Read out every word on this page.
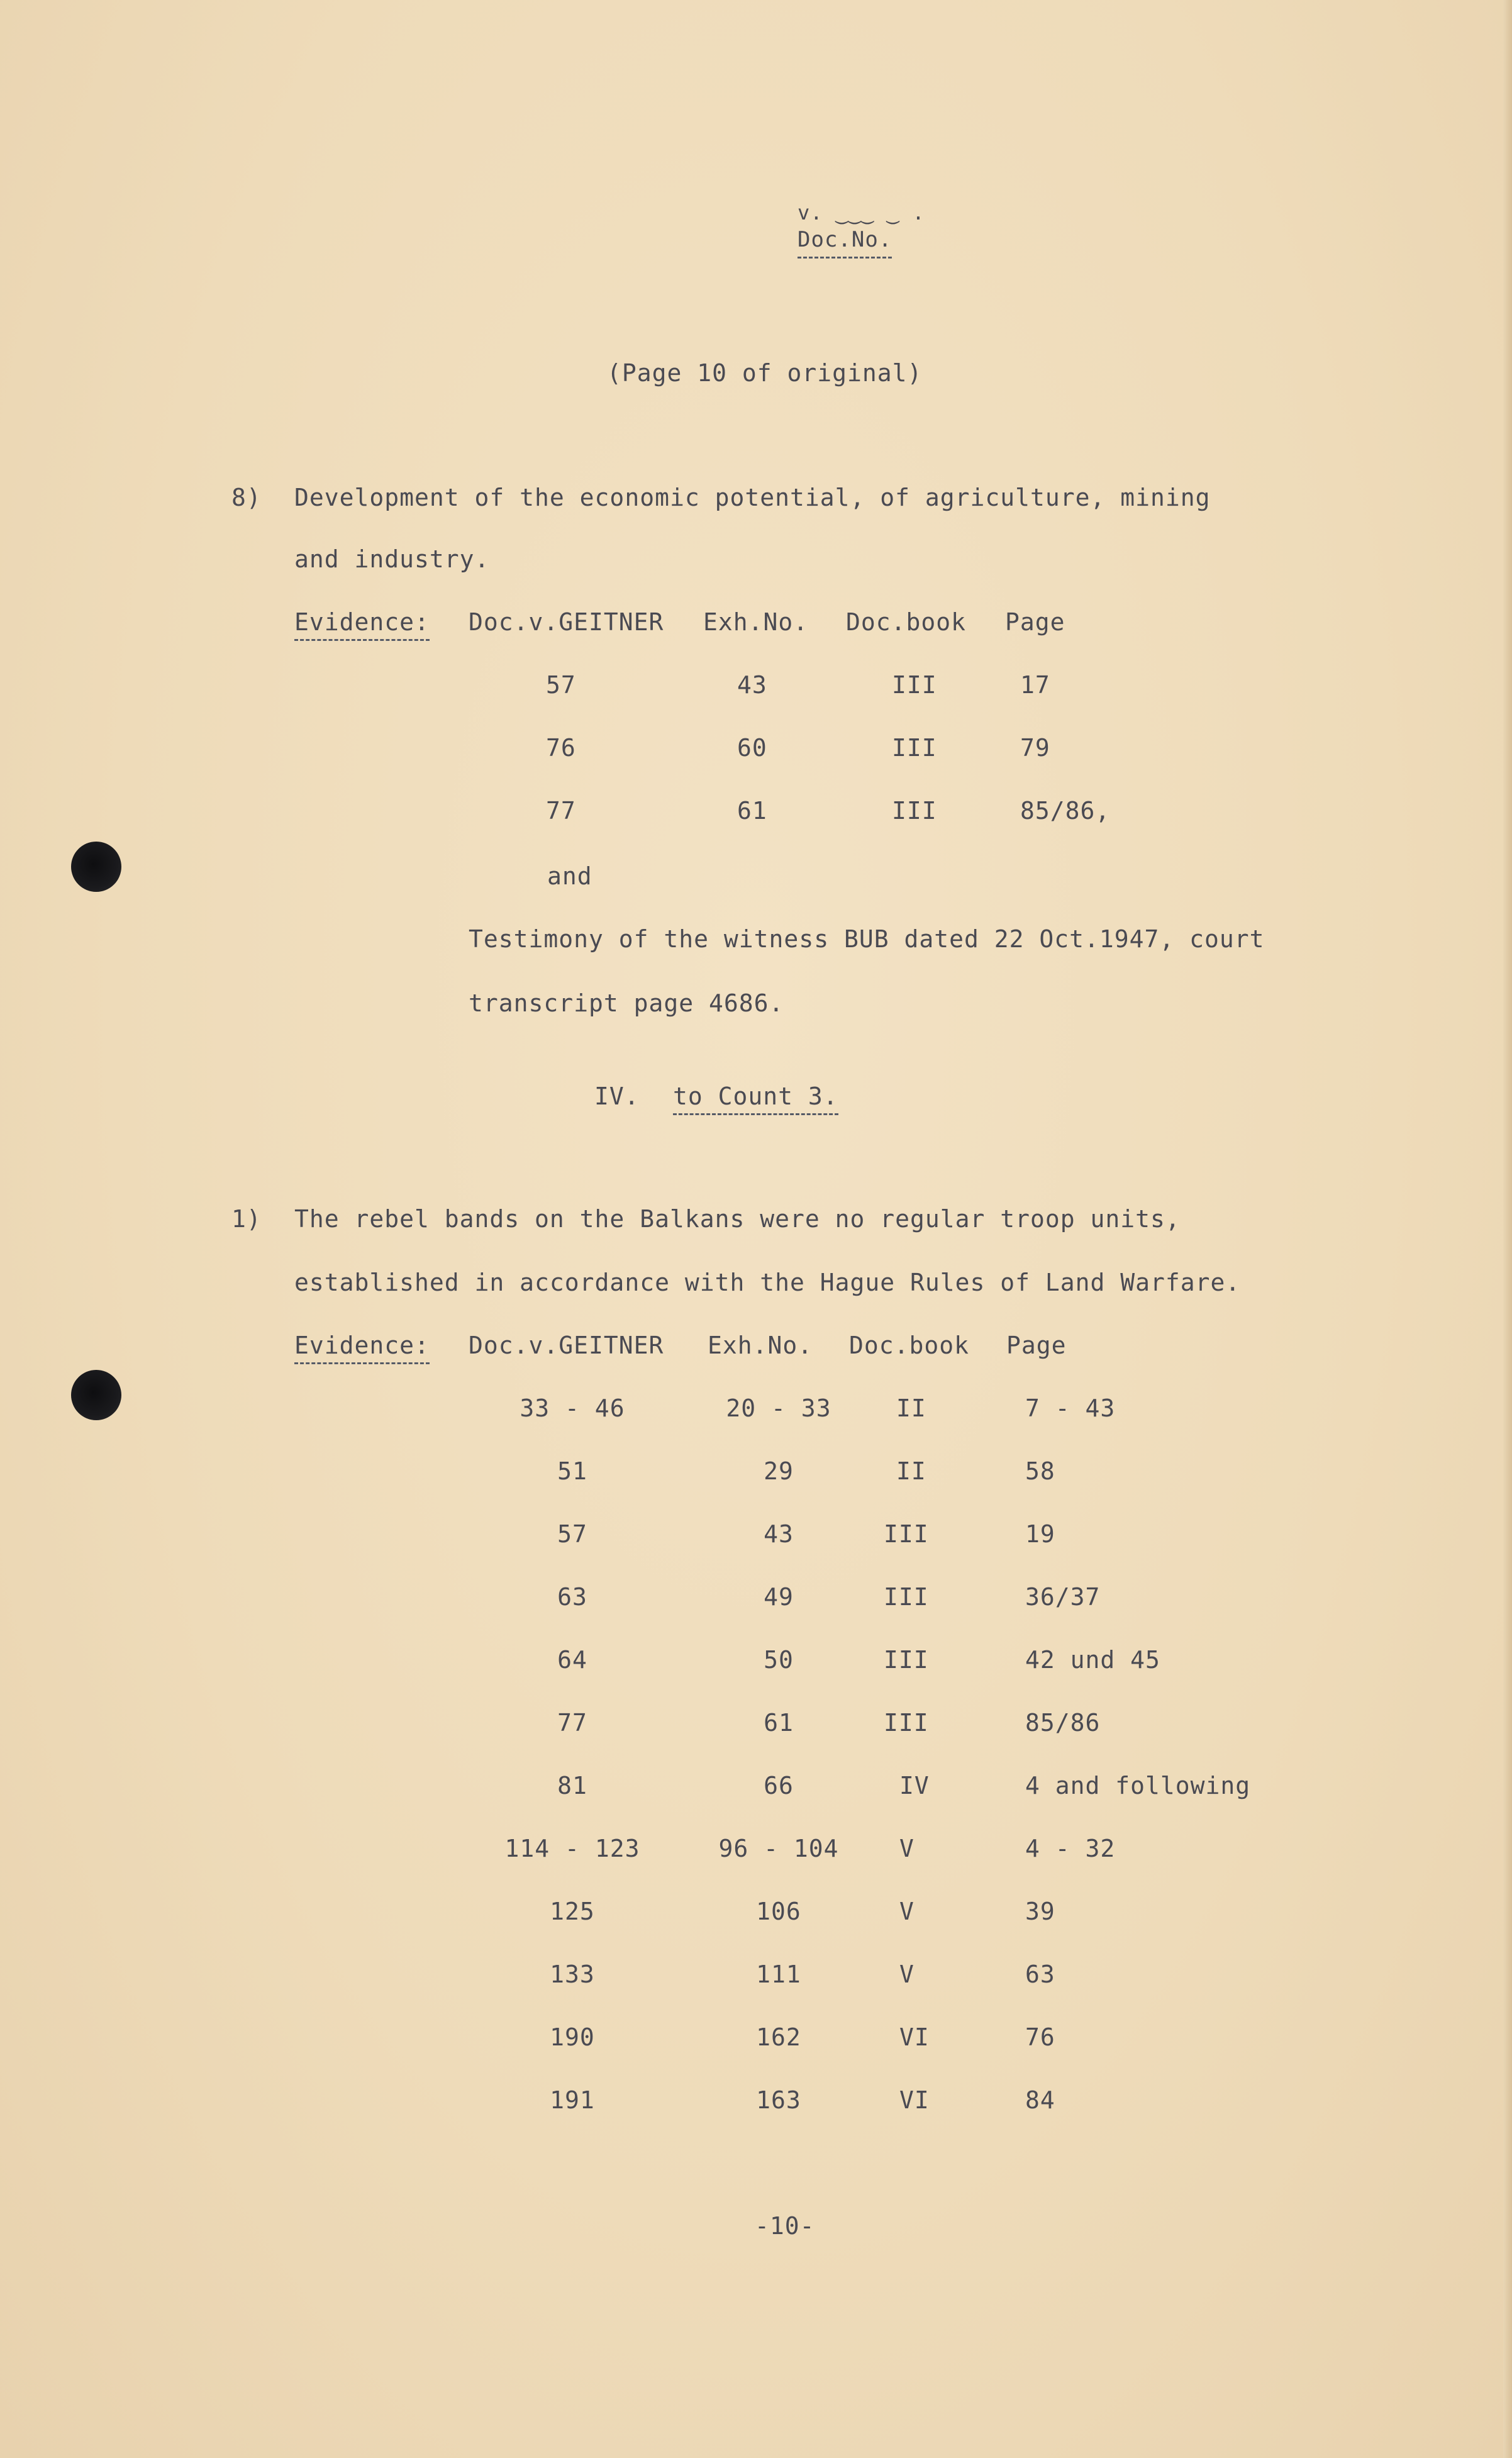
v. ‿‿‿ ‿ .
Doc.No.
(Page 10 of original)
8) Development of the economic potential, of agriculture, mining
and industry.
Evidence: Doc.v.GEITNER Exh.No. Doc.book Page
57	43	III	17
76	60	III	79
77	61	III	85/86,
and
Testimony of the witness BUB dated 22 Oct.1947, court
transcript page 4686.
IV. to Count 3.
1) The rebel bands on the Balkans were no regular troop units,
established in accordance with the Hague Rules of Land Warfare.
Evidence: Doc.v.GEITNER Exh.No. Doc.book Page
33 - 46	20 - 33	II	7 - 43
51	29	II	58
57	43	III	19
63	49	III	36/37
64	50	III	42 und 45
77	61	III	85/86
81	66	IV	4 and following
114 - 123	96 - 104	V	4 - 32
125	106	V	39
133	111	V	63
190	162	VI	76
191	163	VI	84
-10-
